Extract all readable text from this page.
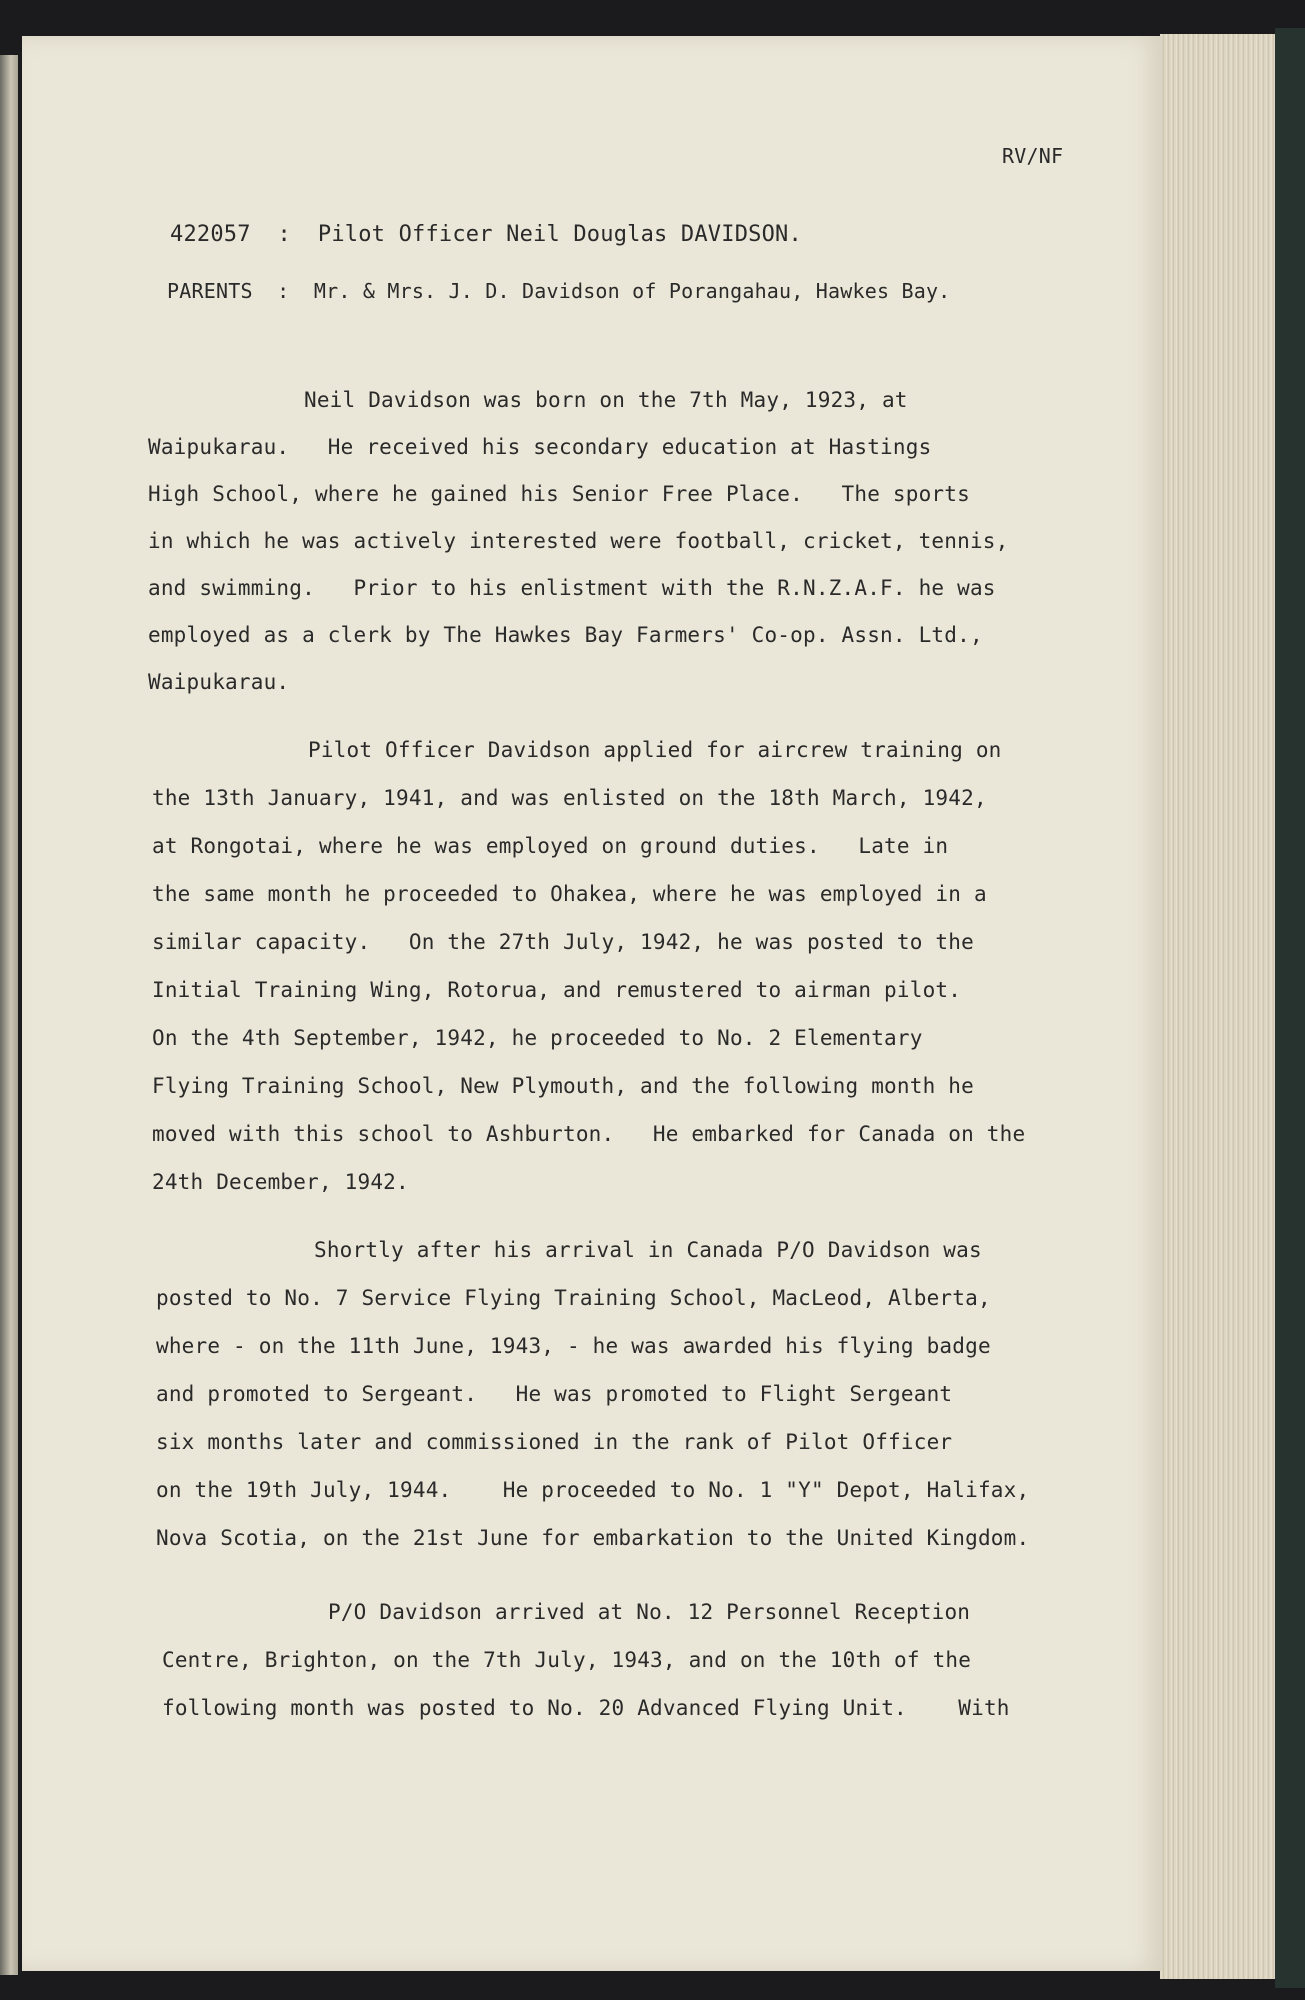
RV/NF

422057  :  Pilot Officer Neil Douglas DAVIDSON.

PARENTS  :  Mr. & Mrs. J. D. Davidson of Porangahau, Hawkes Bay.

Neil Davidson was born on the 7th May, 1923, at

Waipukarau.   He received his secondary education at Hastings

High School, where he gained his Senior Free Place.   The sports

in which he was actively interested were football, cricket, tennis,

and swimming.   Prior to his enlistment with the R.N.Z.A.F. he was

employed as a clerk by The Hawkes Bay Farmers' Co-op. Assn. Ltd.,

Waipukarau.

Pilot Officer Davidson applied for aircrew training on

the 13th January, 1941, and was enlisted on the 18th March, 1942,

at Rongotai, where he was employed on ground duties.   Late in

the same month he proceeded to Ohakea, where he was employed in a

similar capacity.   On the 27th July, 1942, he was posted to the

Initial Training Wing, Rotorua, and remustered to airman pilot.

On the 4th September, 1942, he proceeded to No. 2 Elementary

Flying Training School, New Plymouth, and the following month he

moved with this school to Ashburton.   He embarked for Canada on the

24th December, 1942.

Shortly after his arrival in Canada P/O Davidson was

posted to No. 7 Service Flying Training School, MacLeod, Alberta,

where - on the 11th June, 1943, - he was awarded his flying badge

and promoted to Sergeant.   He was promoted to Flight Sergeant

six months later and commissioned in the rank of Pilot Officer

on the 19th July, 1944.    He proceeded to No. 1 "Y" Depot, Halifax,

Nova Scotia, on the 21st June for embarkation to the United Kingdom.

P/O Davidson arrived at No. 12 Personnel Reception

Centre, Brighton, on the 7th July, 1943, and on the 10th of the

following month was posted to No. 20 Advanced Flying Unit.    With
